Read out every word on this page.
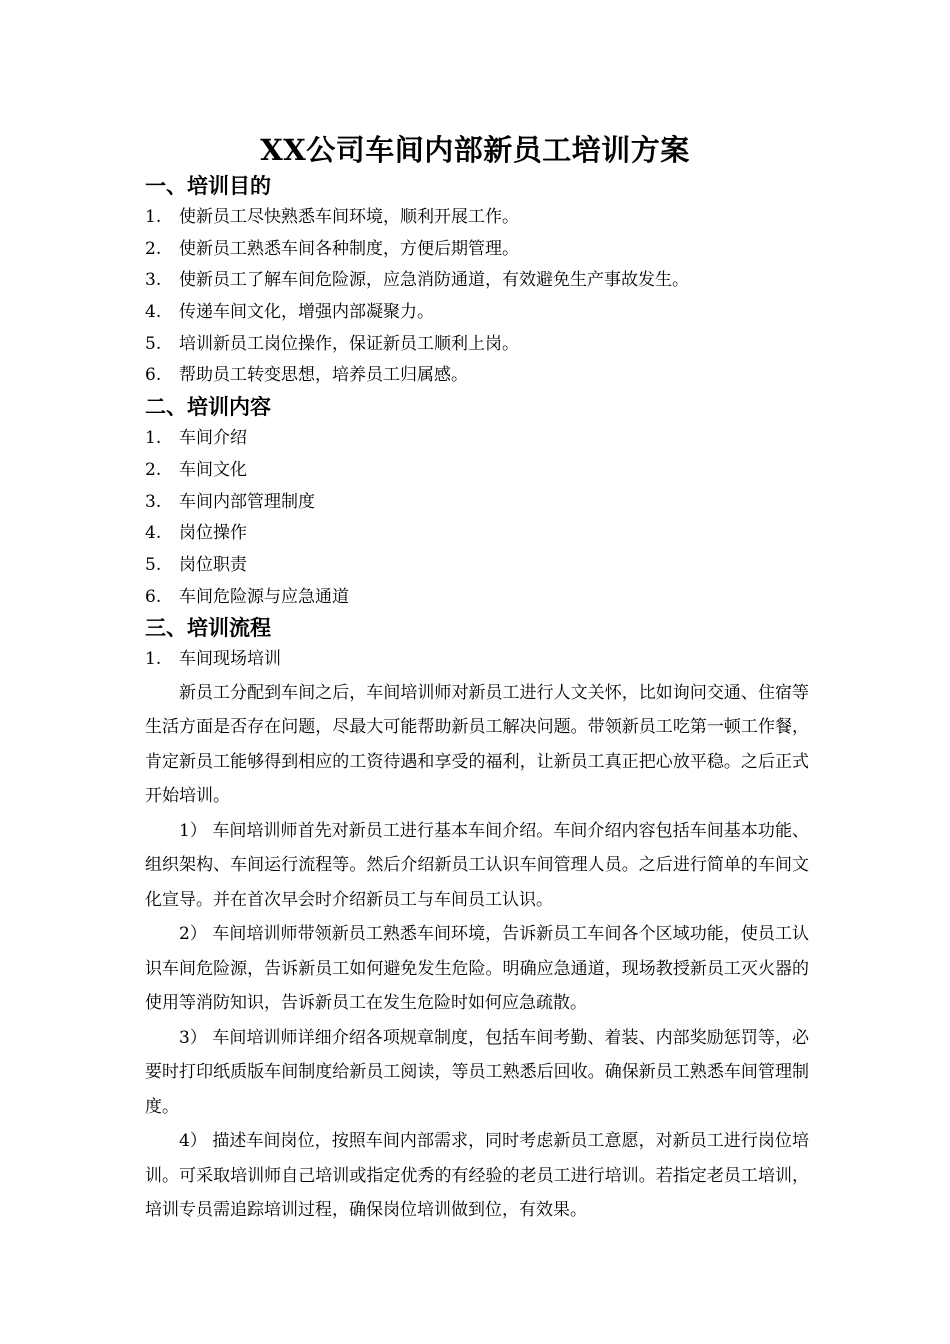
XX公司车间内部新员工培训方案
一、培训目的
1.	使新员工尽快熟悉车间环境，顺利开展工作。
2.	使新员工熟悉车间各种制度，方便后期管理。
3.	使新员工了解车间危险源，应急消防通道，有效避免生产事故发生。
4.	传递车间文化，增强内部凝聚力。
5.	培训新员工岗位操作，保证新员工顺利上岗。
6.	帮助员工转变思想，培养员工归属感。
二、培训内容
1.	车间介绍
2.	车间文化
3.	车间内部管理制度
4.	岗位操作
5.	岗位职责
6.	车间危险源与应急通道
三、培训流程
1.	车间现场培训

新员工分配到车间之后，车间培训师对新员工进行人文关怀，比如询问交通、住宿等生活方面是否存在问题，尽最大可能帮助新员工解决问题。带领新员工吃第一顿工作餐，肯定新员工能够得到相应的工资待遇和享受的福利，让新员工真正把心放平稳。之后正式开始培训。

1） 车间培训师首先对新员工进行基本车间介绍。车间介绍内容包括车间基本功能、组织架构、车间运行流程等。然后介绍新员工认识车间管理人员。之后进行简单的车间文化宣导。并在首次早会时介绍新员工与车间员工认识。

2） 车间培训师带领新员工熟悉车间环境，告诉新员工车间各个区域功能，使员工认识车间危险源，告诉新员工如何避免发生危险。明确应急通道，现场教授新员工灭火器的使用等消防知识，告诉新员工在发生危险时如何应急疏散。

3） 车间培训师详细介绍各项规章制度，包括车间考勤、着装、内部奖励惩罚等，必要时打印纸质版车间制度给新员工阅读，等员工熟悉后回收。确保新员工熟悉车间管理制度。

4） 描述车间岗位，按照车间内部需求，同时考虑新员工意愿，对新员工进行岗位培训。可采取培训师自己培训或指定优秀的有经验的老员工进行培训。若指定老员工培训，培训专员需追踪培训过程，确保岗位培训做到位，有效果。
